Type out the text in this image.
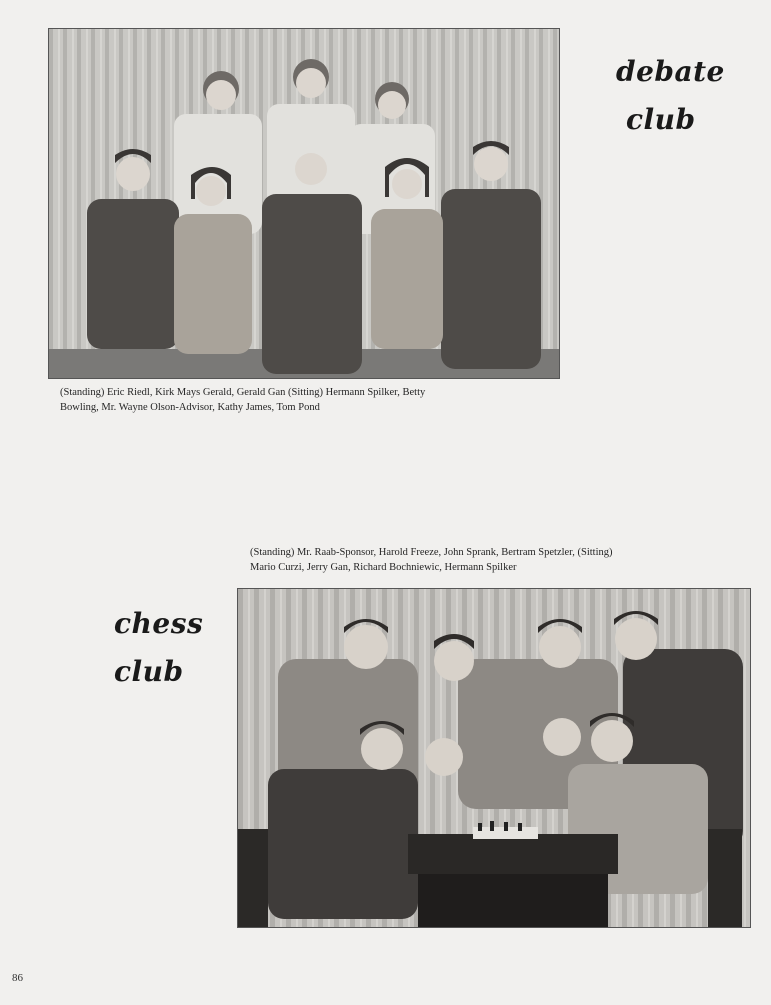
debate
club
(Standing) Eric Riedl, Kirk Mays Gerald, Gerald Gan (Sitting) Hermann Spilker, Betty
Bowling, Mr. Wayne Olson-Advisor, Kathy James, Tom Pond
(Standing) Mr. Raab-Sponsor, Harold Freeze, John Sprank, Bertram Spetzler, (Sitting)
Mario Curzi, Jerry Gan, Richard Bochniewic, Hermann Spilker
chess
club
86
